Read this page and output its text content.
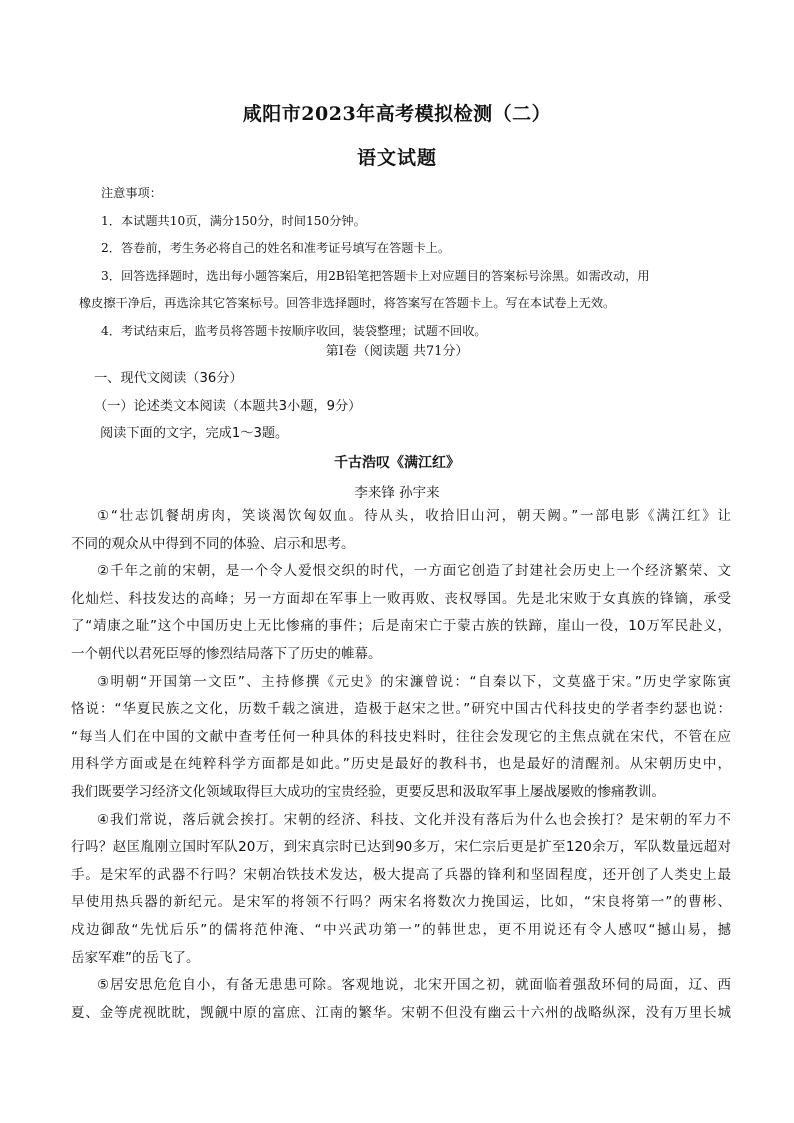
咸阳市2023年高考模拟检测（二）
语文试题

注意事项：

1．本试题共10页，满分150分，时间150分钟。

2．答卷前，考生务必将自己的姓名和准考证号填写在答题卡上。

3．回答选择题时，选出每小题答案后，用2B铅笔把答题卡上对应题目的答案标号涂黑。如需改动，用

橡皮擦干净后，再选涂其它答案标号。回答非选择题时，将答案写在答题卡上。写在本试卷上无效。

4．考试结束后，监考员将答题卡按顺序收回，装袋整理；试题不回收。

第Ⅰ卷（阅读题 共71分）
一、现代文阅读（36分）
（一）论述类文本阅读（本题共3小题，9分）
阅读下面的文字，完成1～3题。
千古浩叹《满江红》
李来锋 孙宇来
①“壮志饥餐胡虏肉，笑谈渴饮匈奴血。待从头，收拾旧山河，朝天阙。”一部电影《满江红》让
不同的观众从中得到不同的体验、启示和思考。
②千年之前的宋朝，是一个令人爱恨交织的时代，一方面它创造了封建社会历史上一个经济繁荣、文
化灿烂、科技发达的高峰；另一方面却在军事上一败再败、丧权辱国。先是北宋败于女真族的锋镝，承受
了“靖康之耻”这个中国历史上无比惨痛的事件；后是南宋亡于蒙古族的铁蹄，崖山一役，10万军民赴义，
一个朝代以君死臣辱的惨烈结局落下了历史的帷幕。
③明朝“开国第一文臣”、主持修撰《元史》的宋濂曾说：“自秦以下，文莫盛于宋。”历史学家陈寅
恪说：“华夏民族之文化，历数千载之演进，造极于赵宋之世。”研究中国古代科技史的学者李约瑟也说：
“每当人们在中国的文献中查考任何一种具体的科技史料时，往往会发现它的主焦点就在宋代，不管在应
用科学方面或是在纯粹科学方面都是如此。”历史是最好的教科书，也是最好的清醒剂。从宋朝历史中，
我们既要学习经济文化领域取得巨大成功的宝贵经验，更要反思和汲取军事上屡战屡败的惨痛教训。
④我们常说，落后就会挨打。宋朝的经济、科技、文化并没有落后为什么也会挨打？是宋朝的军力不
行吗？赵匡胤刚立国时军队20万，到宋真宗时已达到90多万，宋仁宗后更是扩至120余万，军队数量远超对
手。是宋军的武器不行吗？宋朝冶铁技术发达，极大提高了兵器的锋利和坚固程度，还开创了人类史上最
早使用热兵器的新纪元。是宋军的将领不行吗？两宋名将数次力挽国运，比如，“宋良将第一”的曹彬、
戍边御敌“先忧后乐”的儒将范仲淹、“中兴武功第一”的韩世忠，更不用说还有令人感叹“撼山易，撼
岳家军难”的岳飞了。
⑤居安思危危自小，有备无患患可除。客观地说，北宋开国之初，就面临着强敌环伺的局面，辽、西
夏、金等虎视眈眈，觊觎中原的富庶、江南的繁华。宋朝不但没有幽云十六州的战略纵深，没有万里长城
